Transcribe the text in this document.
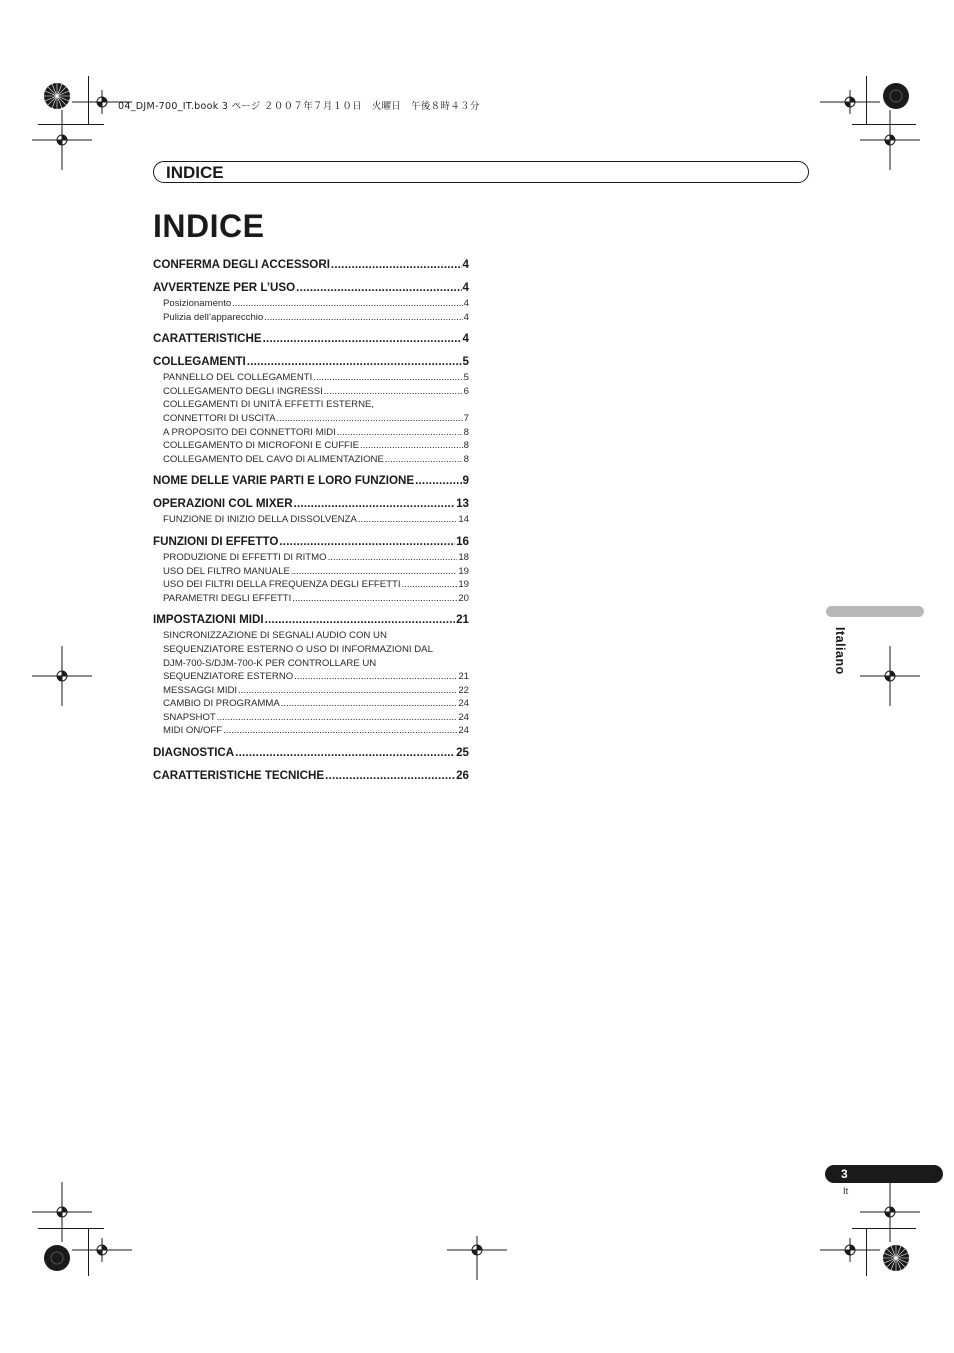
04_DJM-700_IT.book 3 ページ ２００７年７月１０日　火曜日　午後８時４３分
INDICE
INDICE
CONFERMA DEGLI ACCESSORI .....	4
AVVERTENZE PER L’USO .....	4
Posizionamento .....	4
Pulizia dell’apparecchio .....	4
CARATTERISTICHE .....	4
COLLEGAMENTI .....	5
PANNELLO DEL COLLEGAMENTI .....	5
COLLEGAMENTO DEGLI INGRESSI .....	6
COLLEGAMENTI DI UNITÀ EFFETTI ESTERNE,
CONNETTORI DI USCITA .....	7
A PROPOSITO DEI CONNETTORI MIDI .....	8
COLLEGAMENTO DI MICROFONI E CUFFIE .....	8
COLLEGAMENTO DEL CAVO DI ALIMENTAZIONE .....	8
NOME DELLE VARIE PARTI E LORO FUNZIONE .....	9
OPERAZIONI COL MIXER .....	13
FUNZIONE DI INIZIO DELLA DISSOLVENZA .....	14
FUNZIONI DI EFFETTO .....	16
PRODUZIONE DI EFFETTI DI RITMO .....	18
USO DEL FILTRO MANUALE .....	19
USO DEI FILTRI DELLA FREQUENZA DEGLI EFFETTI .....	19
PARAMETRI DEGLI EFFETTI .....	20
IMPOSTAZIONI MIDI .....	21
SINCRONIZZAZIONE DI SEGNALI AUDIO CON UN
SEQUENZIATORE ESTERNO O USO DI INFORMAZIONI DAL
DJM-700-S/DJM-700-K PER CONTROLLARE UN
SEQUENZIATORE ESTERNO .....	21
MESSAGGI MIDI .....	22
CAMBIO DI PROGRAMMA .....	24
SNAPSHOT .....	24
MIDI ON/OFF .....	24
DIAGNOSTICA .....	25
CARATTERISTICHE TECNICHE .....	26
Italiano
3
It
